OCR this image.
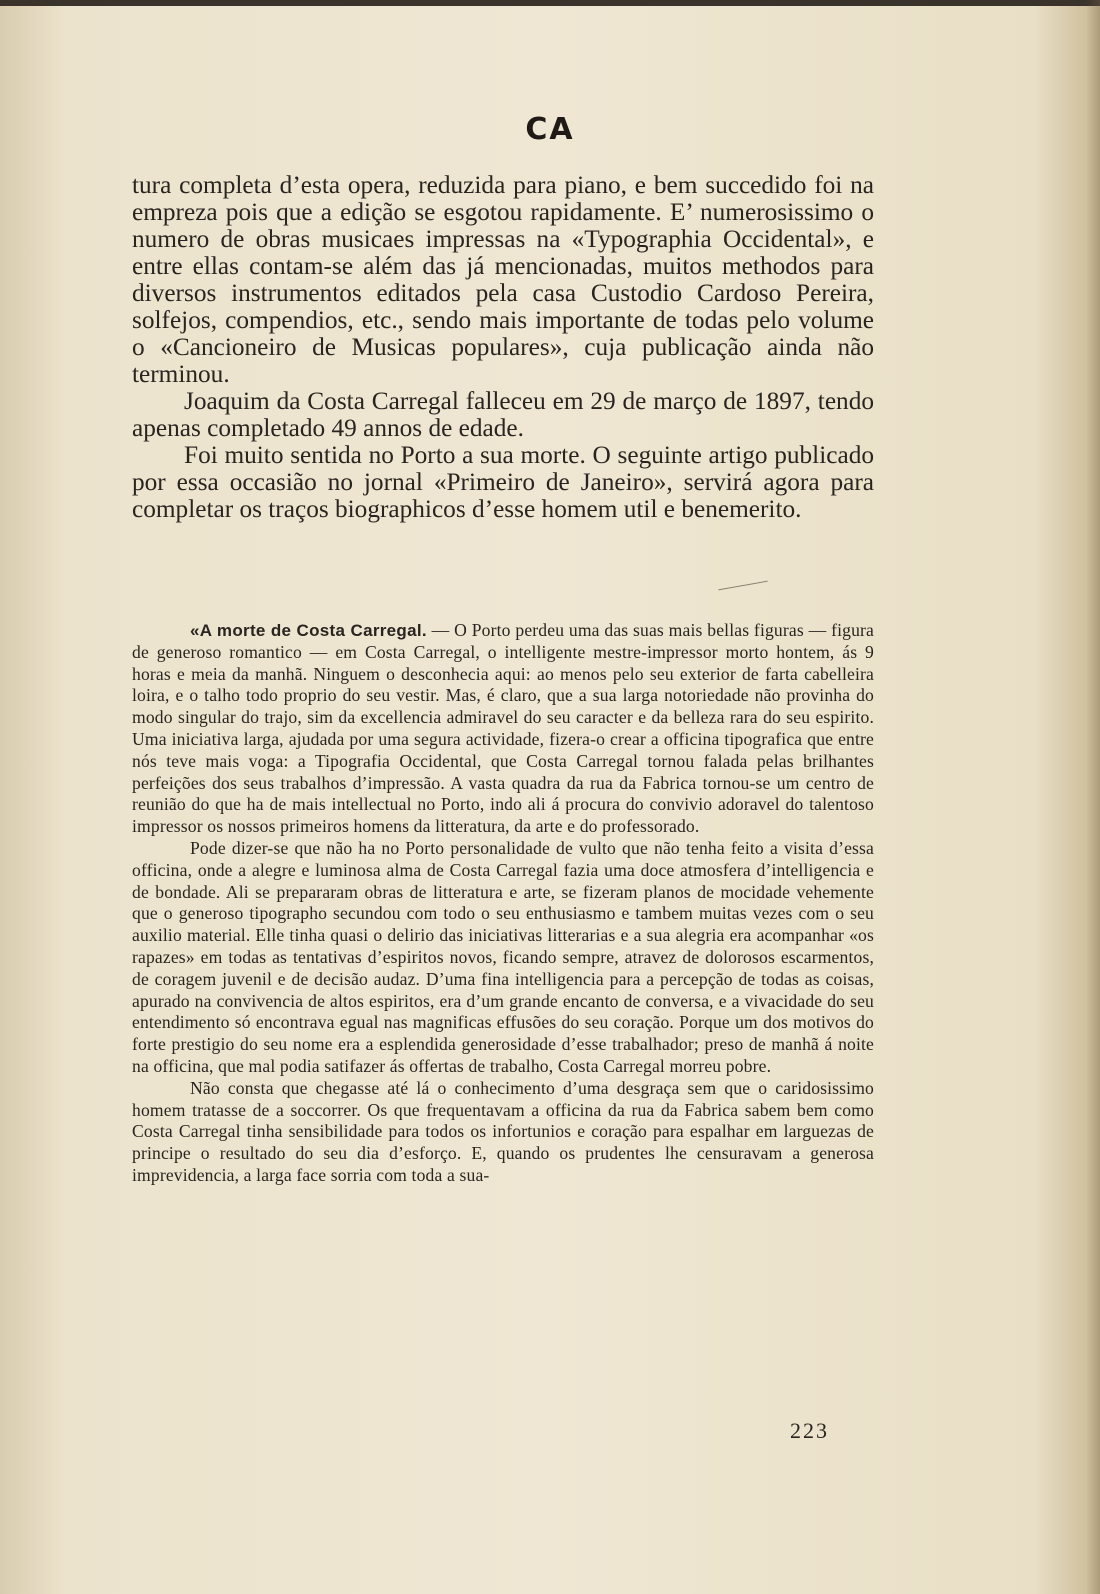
CA

tura completa d’esta opera, reduzida para piano, e bem succedido foi na empreza pois que a edição se esgotou rapidamente. E’ numerosissimo o numero de obras musicaes impressas na «Typographia Occidental», e entre ellas contam-se além das já mencionadas, muitos methodos para diversos instrumentos editados pela casa Custodio Cardoso Pereira, solfejos, compendios, etc., sendo mais importante de todas pelo volume o «Cancioneiro de Musicas populares», cuja publicação ainda não terminou.

Joaquim da Costa Carregal falleceu em 29 de março de 1897, tendo apenas completado 49 annos de edade.

Foi muito sentida no Porto a sua morte. O seguinte artigo publicado por essa occasião no jornal «Primeiro de Janeiro», servirá agora para completar os traços biographicos d’esse homem util e benemerito.

«A morte de Costa Carregal. — O Porto perdeu uma das suas mais bellas figuras — figura de generoso romantico — em Costa Carregal, o intelligente mestre-impressor morto hontem, ás 9 horas e meia da manhã. Ninguem o desconhecia aqui: ao menos pelo seu exterior de farta cabelleira loira, e o talho todo proprio do seu vestir. Mas, é claro, que a sua larga notoriedade não provinha do modo singular do trajo, sim da excellencia admiravel do seu caracter e da belleza rara do seu espirito. Uma iniciativa larga, ajudada por uma segura actividade, fizera-o crear a officina tipografica que entre nós teve mais voga: a Tipografia Occidental, que Costa Carregal tornou falada pelas brilhantes perfeições dos seus trabalhos d’impressão. A vasta quadra da rua da Fabrica tornou-se um centro de reunião do que ha de mais intellectual no Porto, indo ali á procura do convivio adoravel do talentoso impressor os nossos primeiros homens da litteratura, da arte e do professorado.

Pode dizer-se que não ha no Porto personalidade de vulto que não tenha feito a visita d’essa officina, onde a alegre e luminosa alma de Costa Carregal fazia uma doce atmosfera d’intelligencia e de bondade. Ali se prepararam obras de litteratura e arte, se fizeram planos de mocidade vehemente que o generoso tipographo secundou com todo o seu enthusiasmo e tambem muitas vezes com o seu auxilio material. Elle tinha quasi o delirio das iniciativas litterarias e a sua alegria era acompanhar «os rapazes» em todas as tentativas d’espiritos novos, ficando sempre, atravez de dolorosos escarmentos, de coragem juvenil e de decisão audaz. D’uma fina intelligencia para a percepção de todas as coisas, apurado na convivencia de altos espiritos, era d’um grande encanto de conversa, e a vivacidade do seu entendimento só encontrava egual nas magnificas effusões do seu coração. Porque um dos motivos do forte prestigio do seu nome era a esplendida generosidade d’esse trabalhador; preso de manhã á noite na officina, que mal podia satifazer ás offertas de trabalho, Costa Carregal morreu pobre.

Não consta que chegasse até lá o conhecimento d’uma desgraça sem que o caridosissimo homem tratasse de a soccorrer. Os que frequentavam a officina da rua da Fabrica sabem bem como Costa Carregal tinha sensibilidade para todos os infortunios e coração para espalhar em larguezas de principe o resultado do seu dia d’esforço. E, quando os prudentes lhe censuravam a generosa imprevidencia, a larga face sorria com toda a sua-

223
